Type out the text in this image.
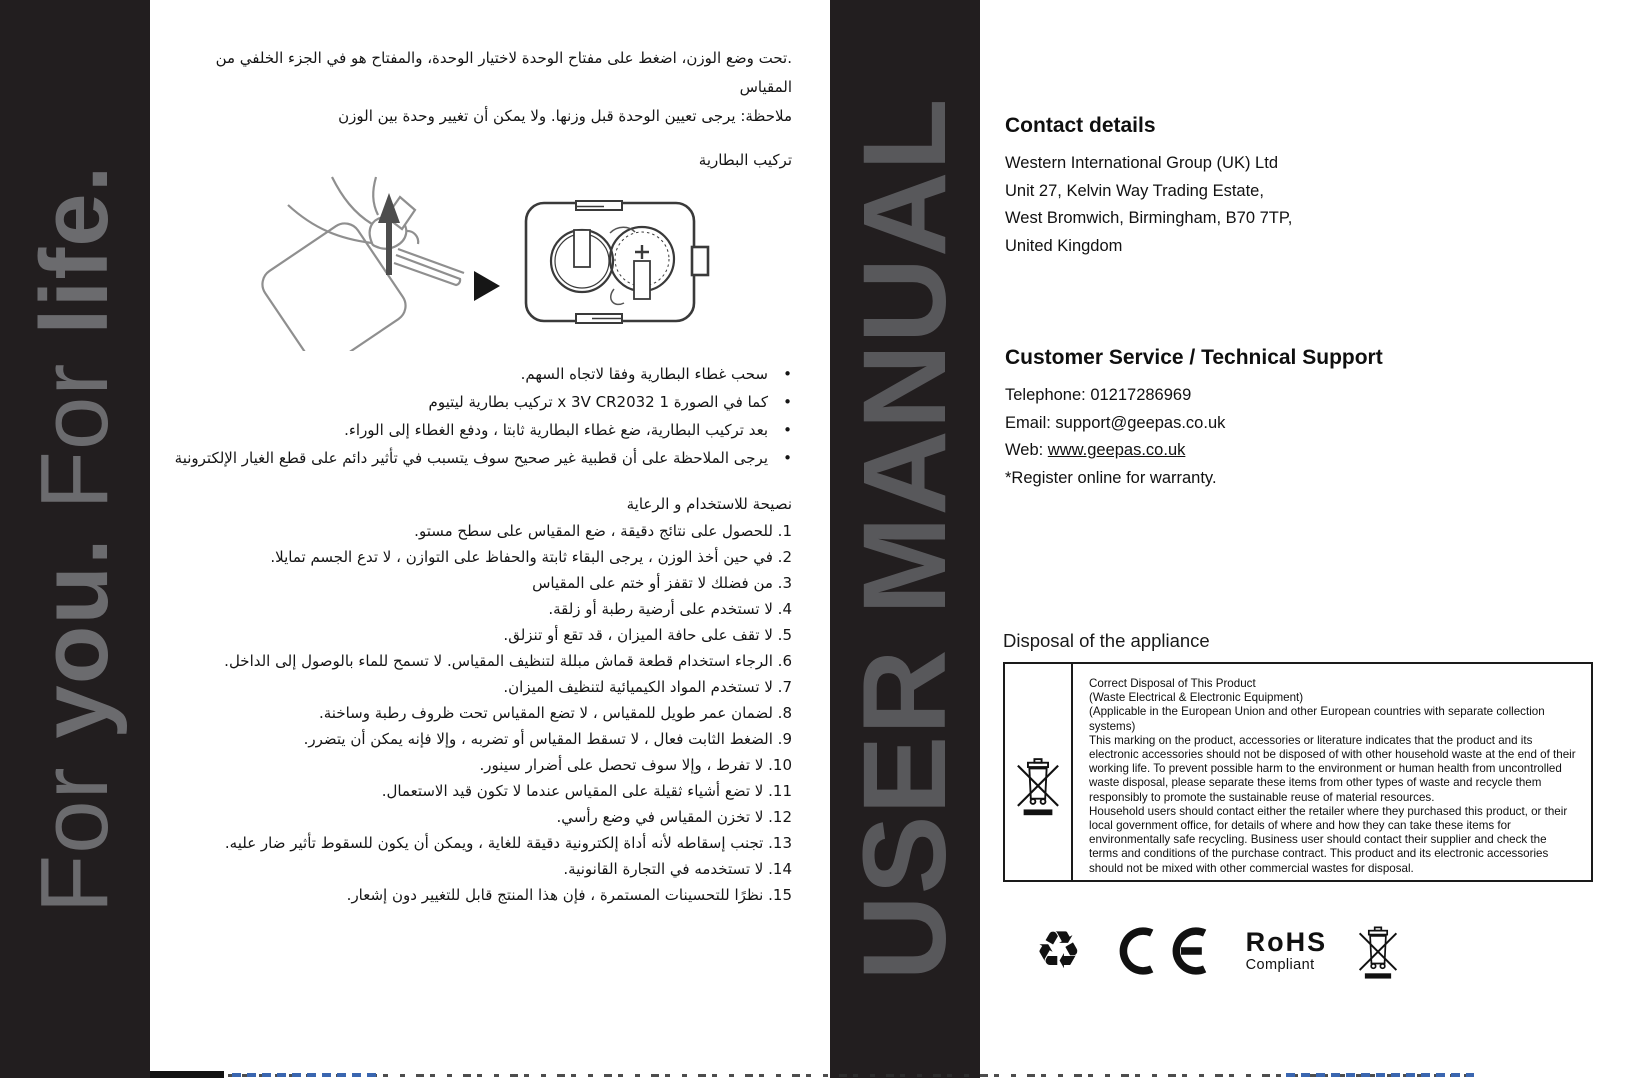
For you. For life.
.تحت وضع الوزن، اضغط على مفتاح الوحدة لاختيار الوحدة، والمفتاح هو في الجزء الخلفي من المقياس
ملاحظة: يرجى تعيين الوحدة قبل وزنها. ولا يمكن أن تغيير وحدة بين الوزن
تركيب البطارية
•
سحب غطاء البطارية وفقا لاتجاه السهم.
•
كما في الصورة 1 x 3V CR2032 تركيب بطارية ليتيوم
•
بعد تركيب البطارية، ضع غطاء البطارية ثابتا ، ودفع الغطاء إلى الوراء.
•
يرجى الملاحظة على أن قطبية غير صحيح سوف يتسبب في تأثير دائم على قطع الغيار الإلكترونية
نصيحة للاستخدام و الرعاية
1. للحصول على نتائج دقيقة ، ضع المقياس على سطح مستو.
2. في حين أخذ الوزن ، يرجى البقاء ثابتة والحفاظ على التوازن ، لا تدع الجسم تمايلا.
3. من فضلك لا تقفز أو ختم على المقياس
4. لا تستخدم على أرضية رطبة أو زلقة.
5. لا تقف على حافة الميزان ، قد تقع أو تنزلق.
6. الرجاء استخدام قطعة قماش مبللة لتنظيف المقياس. لا تسمح للماء بالوصول إلى الداخل.
7. لا تستخدم المواد الكيميائية لتنظيف الميزان.
8. لضمان عمر طويل للمقياس ، لا تضع المقياس تحت ظروف رطبة وساخنة.
9. الضغط الثابت فعال ، لا تسقط المقياس أو تضربه ، وإلا فإنه يمكن أن يتضرر.
10. لا تفرط ، وإلا سوف تحصل على أضرار سينور.
11. لا تضع أشياء ثقيلة على المقياس عندما لا تكون قيد الاستعمال.
12. لا تخزن المقياس في وضع رأسي.
13. تجنب إسقاطه لأنه أداة إلكترونية دقيقة للغاية ، ويمكن أن يكون للسقوط تأثير ضار عليه.
14. لا تستخدمه في التجارة القانونية.
15. نظرًا للتحسينات المستمرة ، فإن هذا المنتج قابل للتغيير دون إشعار. USER MANUAL Contact details
Western International Group (UK) Ltd
Unit 27, Kelvin Way Trading Estate,
West Bromwich, Birmingham, B70 7TP,
United Kingdom
Customer Service / Technical Support
Telephone: 01217286969
Email: support@geepas.co.uk
Web: www.geepas.co.uk
*Register online for warranty.
Disposal of the appliance
Correct Disposal of This Product
(Waste Electrical & Electronic Equipment)
(Applicable in the European Union and other European countries with separate collection systems)
This marking on the product, accessories or literature indicates that the product and its electronic accessories should not be disposed of with other household waste at the end of their working life. To prevent possible harm to the environment or human health from uncontrolled waste disposal, please separate these items from other types of waste and recycle them responsibly to promote the sustainable reuse of material resources.
Household users should contact either the retailer where they purchased this product, or their local government office, for details of where and how they can take these items for environmentally safe recycling. Business user should contact their supplier and check the terms and conditions of the purchase contract. This product and its electronic accessories should not be mixed with other commercial wastes for disposal.
♻	RoHS
Compliant
